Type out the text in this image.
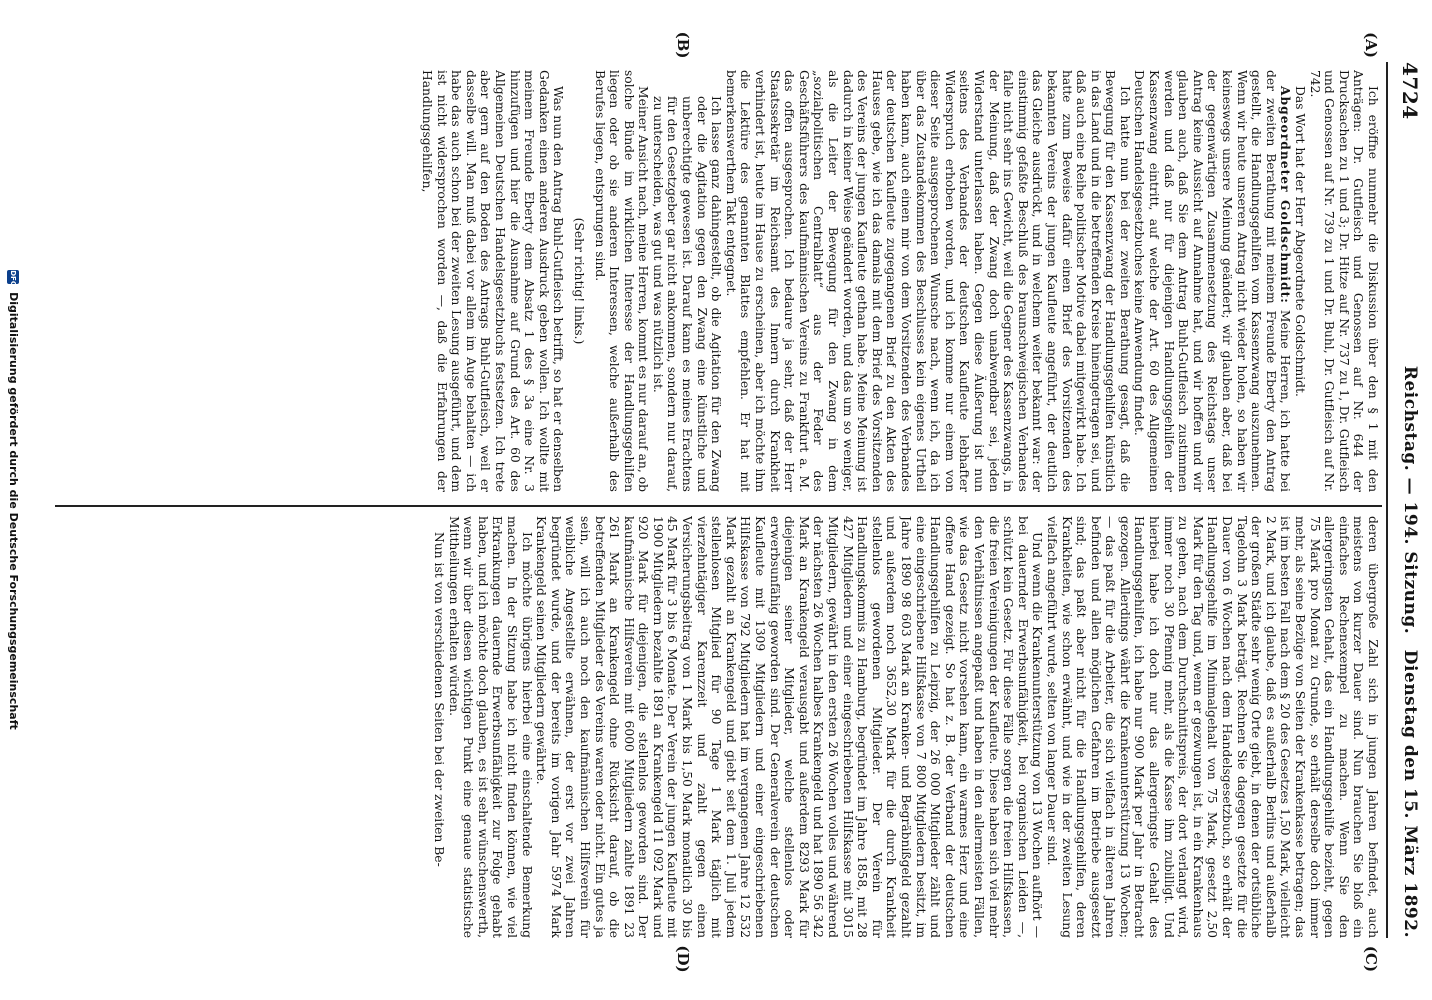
4724
Reichstag. — 194. Sitzung.
Dienstag den 15. März 1892.
(A)
(B)
(C)
(D)

Ich eröffne nunmehr die Diskussion über den § 1 mit den Anträgen: Dr. Gutfleisch und Genossen auf Nr. 644 der Drucksachen zu 1 und 3; Dr. Hitze auf Nr. 737 zu 1, Dr. Gutfleisch und Genossen auf Nr. 739 zu 1 und Dr. Buhl, Dr. Gutfleisch auf Nr. 742.

Das Wort hat der Herr Abgeordnete Goldschmidt.

Abgeordneter Goldschmidt: Meine Herren, ich hatte bei der zweiten Berathung mit meinem Freunde Eberty den Antrag gestellt, die Handlungsgehilfen vom Kassenzwang auszunehmen. Wenn wir heute unseren Antrag nicht wieder holen, so haben wir keineswegs unsere Meinung geändert; wir glauben aber, daß bei der gegenwärtigen Zusammensetzung des Reichstags unser Antrag keine Aussicht auf Annahme hat, und wir hoffen und wir glauben auch, daß Sie dem Antrag Buhl-Gutfleisch zustimmen werden und daß nur für diejenigen Handlungsgehilfen der Kassenzwang eintritt, auf welche der Art. 60 des Allgemeinen Deutschen Handelsgesetzbuches keine Anwendung findet.

Ich hatte nun bei der zweiten Berathung gesagt, daß die Bewegung für den Kassenzwang der Handlungsgehilfen künstlich in das Land und in die betreffenden Kreise hineingetragen sei, und daß auch eine Reihe politischer Motive dabei mitgewirkt habe. Ich hatte zum Beweise dafür einen Brief des Vorsitzenden des bekannten Vereins der jungen Kaufleute angeführt, der deutlich das Gleiche ausdrückt, und in welchem weiter bekannt war: der einstimmig gefaßte Beschluß des braunschweigischen Verbandes falle nicht sehr ins Gewicht, weil die Gegner des Kassenzwangs, in der Meinung, daß der Zwang doch unabwendbar sei, jeden Widerstand unterlassen haben. Gegen diese Äußerung ist nun seitens des Verbandes der deutschen Kaufleute lebhafter Widerspruch erhoben worden, und ich komme nur einem von dieser Seite ausgesprochenen Wunsche nach, wenn ich, da ich über das Zustandekommen des Beschlusses kein eigenes Urtheil haben kann, auch einen mir von dem Vorsitzenden des Verbandes der deutschen Kaufleute zugegangenen Brief zu den Akten des Hauses gebe, wie ich das damals mit dem Brief des Vorsitzenden des Vereins der jungen Kaufleute gethan habe. Meine Meinung ist dadurch in keiner Weise geändert worden, und das um so weniger, als die Leiter der Bewegung für den Zwang in dem „sozialpolitischen Centralblatt“ aus der Feder des Geschäftsführers des kaufmännischen Vereins zu Frankfurt a. M. das offen ausgesprochen. Ich bedaure ja sehr, daß der Herr Staatssekretär im Reichsamt des Innern durch Krankheit verhindert ist, heute im Hause zu erscheinen, aber ich möchte ihm die Lektüre des genannten Blattes empfehlen. Er hat mit bemerkenswerthem Takt entgegnet.

Ich lasse ganz dahingestellt, ob die Agitation für den Zwang oder die Agitation gegen den Zwang eine künstliche und unberechtigte gewesen ist. Darauf kann es meines Erachtens für den Gesetzgeber gar nicht ankommen, sondern nur darauf, zu unterscheiden, was gut und was nützlich ist.

Meiner Ansicht nach, meine Herren, kommt es nur darauf an, ob solche Bünde im wirklichen Interesse der Handlungsgehilfen liegen oder ob sie anderen Interessen, welche außerhalb des Berufes liegen, entsprungen sind.

(Sehr richtig! links.)

Was nun den Antrag Buhl-Gutfleisch betrifft, so hat er denselben Gedanken einen anderen Ausdruck geben wollen. Ich wollte mit meinem Freunde Eberty dem Absatz 1 des § 3a eine Nr. 3 hinzufügen und hier die Ausnahme auf Grund des Art. 60 des Allgemeinen Deutschen Handelsgesetzbuchs festsetzen. Ich trete aber gern auf den Boden des Antrags Buhl-Gutfleisch, weil er dasselbe will. Man muß dabei vor allem im Auge behalten — ich habe das auch schon bei der zweiten Lesung ausgeführt, und dem ist nicht widersprochen worden —, daß die Erfahrungen der Handlungsgehilfen,

deren übergroße Zahl sich in jungen Jahren befindet, auch meistens von kurzer Dauer sind. Nun brauchen Sie bloß ein einfaches Rechenexempel zu machen. Wenn Sie den allergeringsten Gehalt, das ein Handlungsgehilfe bezieht, gegen 75 Mark pro Monat zu Grunde, so erhält derselbe doch immer mehr, als seine Bezüge von Seiten der Krankenkasse betragen; das ist im besten Fall nach dem § 20 des Gesetzes 1,50 Mark, vielleicht 2 Mark, und ich glaube, daß es außerhalb Berlins und außerhalb der großen Städte sehr wenig Orte giebt, in denen der ortsübliche Tagelohn 3 Mark beträgt. Rechnen Sie dagegen gesetzte für die Dauer von 6 Wochen nach dem Handelsgesetzbuch, so erhält der Handlungsgehilfe im Minimalgehalt von 75 Mark, gesetzt 2,50 Mark für den Tag und, wenn er gezwungen ist, in ein Krankenhaus zu gehen, nach dem Durchschnittspreis, der dort verlangt wird, immer noch 30 Pfennig mehr, als die Kasse ihm zubilligt. Und hierbei habe ich doch nur das allergeringste Gehalt des Handlungsgehilfen, ich habe nur 900 Mark per Jahr in Betracht gezogen. Allerdings währt die Krankenunterstützung 13 Wochen; — das paßt für die Arbeiter, die sich vielfach in älteren Jahren befinden und allen möglichen Gefahren im Betriebe ausgesetzt sind; das paßt aber nicht für die Handlungsgehilfen, deren Krankheiten, wie schon erwähnt, und wie in der zweiten Lesung vielfach angeführt wurde, selten von langer Dauer sind.

Und wenn die Krankenunterstützung von 13 Wochen aufhört — bei dauernder Erwerbsunfähigkeit, bei organischen Leiden —, schützt kein Gesetz. Für diese Fälle sorgen die freien Hilfskassen, die freien Vereinigungen der Kaufleute. Diese haben sich viel mehr den Verhältnissen angepaßt und haben in den allermeisten Fällen, wie das Gesetz nicht vorsehen kann, ein warmes Herz und eine offene Hand gezeigt. So hat z. B. der Verband der deutschen Handlungsgehilfen zu Leipzig, der 26 000 Mitglieder zählt und eine eingeschriebene Hilfskasse von 7 800 Mitgliedern besitzt, im Jahre 1890 98 603 Mark an Kranken- und Begräbnißgeld gezahlt und außerdem noch 3652,30 Mark für die durch Krankheit stellenlos gewordenen Mitglieder. Der Verein für Handlungskommis zu Hamburg, begründet im Jahre 1858, mit 28 427 Mitgliedern und einer eingeschriebenen Hilfskasse mit 3015 Mitgliedern, gewährt in den ersten 26 Wochen volles und während der nächsten 26 Wochen halbes Krankengeld und hat 1890 56 342 Mark an Krankengeld verausgabt und außerdem 8293 Mark für diejenigen seiner Mitglieder, welche stellenlos oder erwerbsunfähig geworden sind. Der Generalverein der deutschen Kaufleute mit 1309 Mitgliedern und einer eingeschriebenen Hilfskasse von 792 Mitgliedern hat im vergangenen Jahre 12 532 Mark gezahlt an Krankengeld und giebt seit dem 1. Juli jedem stellenlosen Mitglied für 90 Tage 1 Mark täglich mit vierzehntägiger Karenzzeit und zahlt gegen einen Versicherungsbeitrag von 1 Mark bis 1,50 Mark monatlich 30 bis 45 Mark für 3 bis 6 Monate. Der Verein der jungen Kaufleute mit 1900 Mitgliedern bezahlte 1891 an Krankengeld 11 092 Mark und 920 Mark für diejenigen, die stellenlos geworden sind. Der kaufmännische Hilfsverein mit 6000 Mitgliedern zahlte 1891 23 261 Mark an Krankengeld ohne Rücksicht darauf, ob die betreffenden Mitglieder des Vereins waren oder nicht. Ein gutes ja sein, will ich auch noch den kaufmännischen Hilfsverein für weibliche Angestellte erwähnen, der erst vor zwei Jahren begründet wurde, und der bereits im vorigen Jahr 5974 Mark Krankengeld seinen Mitgliedern gewährte.

Ich möchte übrigens hierbei eine einschaltende Bemerkung machen. In der Sitzung habe ich nicht finden können, wie viel Erkrankungen dauernde Erwerbsunfähigkeit zur Folge gehabt haben, und ich möchte doch glauben, es ist sehr wünschenswerth, wenn wir über diesen wichtigen Punkt eine genaue statistische Mittheilungen erhalten würden.

Nun ist von verschiedenen Seiten bei der zweiten Be-

DFG Digitalisierung gefördert durch die Deutsche Forschungsgemeinschaft
